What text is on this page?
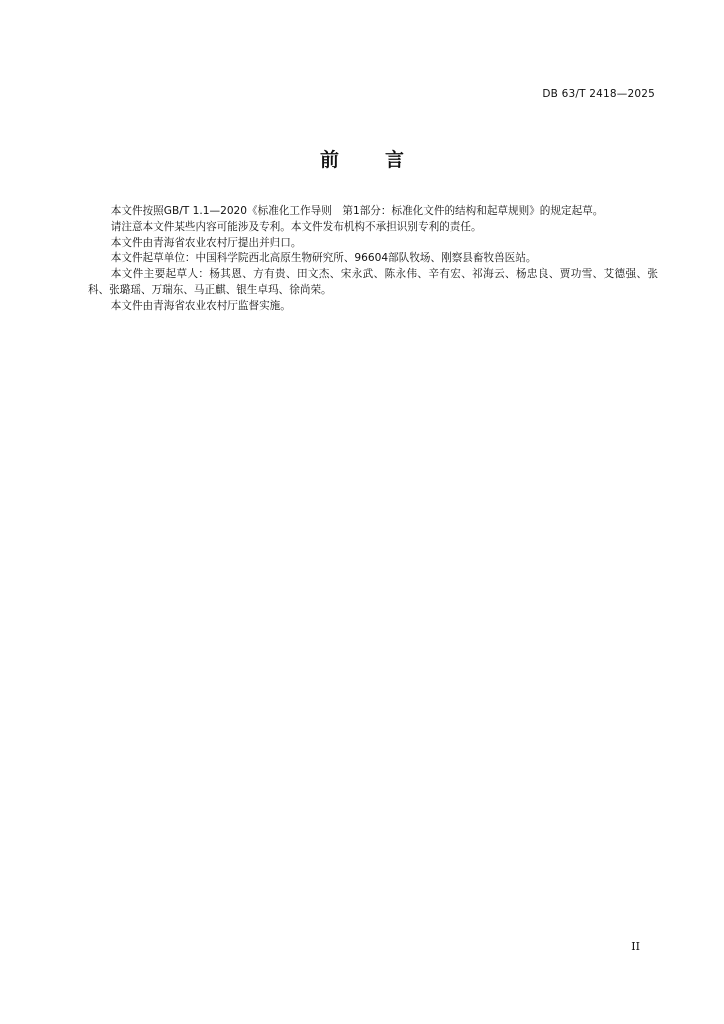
DB 63/T 2418—2025
前言

本文件按照GB/T 1.1—2020《标准化工作导则　第1部分：标准化文件的结构和起草规则》的规定起草。

请注意本文件某些内容可能涉及专利。本文件发布机构不承担识别专利的责任。

本文件由青海省农业农村厅提出并归口。

本文件起草单位：中国科学院西北高原生物研究所、96604部队牧场、刚察县畜牧兽医站。

本文件主要起草人：杨其恩、方有贵、田文杰、宋永武、陈永伟、辛有宏、祁海云、杨忠良、贾功雪、艾德强、张科、张璐瑶、万瑞东、马正麒、银生卓玛、徐尚荣。

本文件由青海省农业农村厅监督实施。

II
